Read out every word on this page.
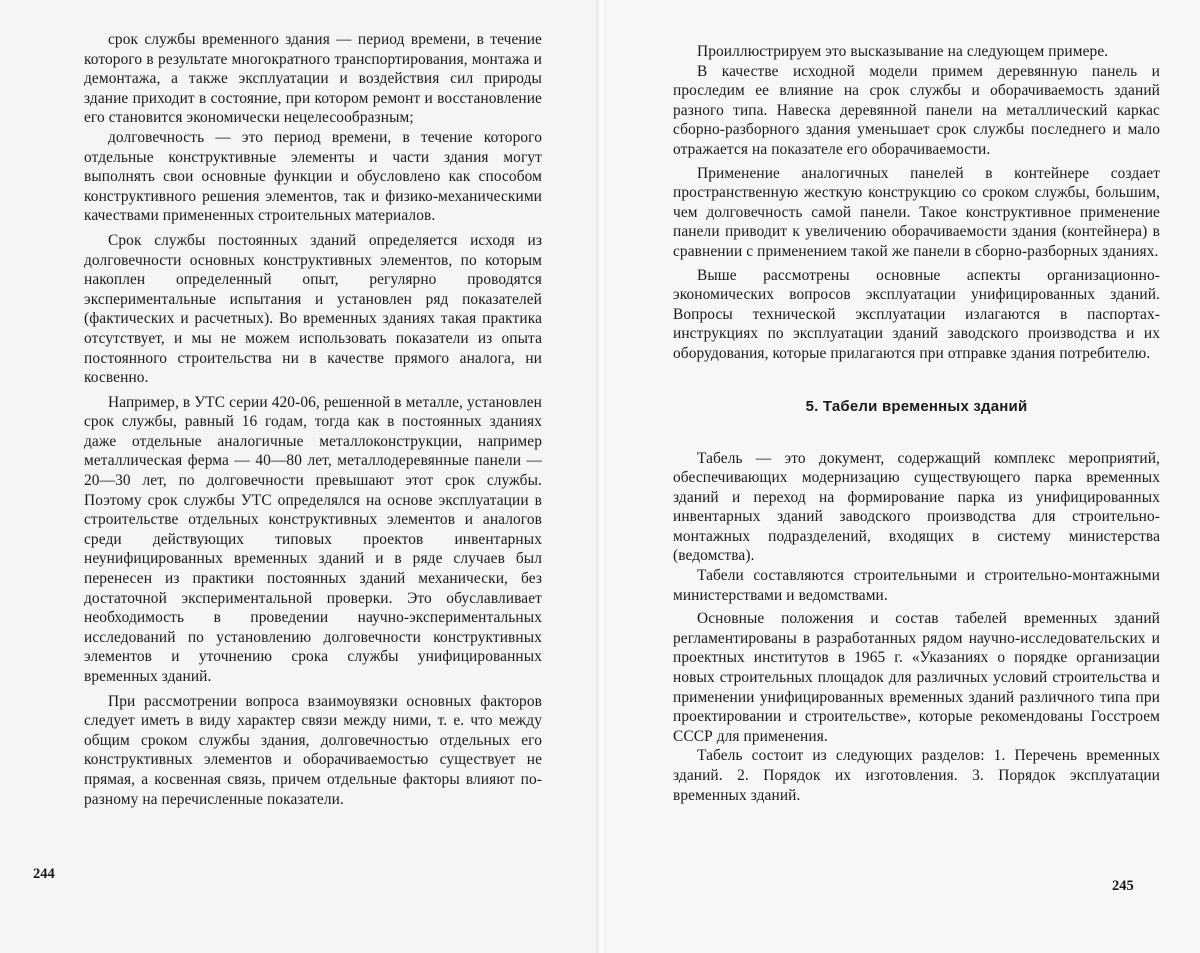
срок службы временного здания — период времени, в течение которого в результате многократного транспортирования, монтажа и демонтажа, а также эксплуатации и воздействия сил природы здание приходит в состояние, при котором ремонт и восстановление его становится экономически нецелесообразным;

долговечность — это период времени, в течение которого отдельные конструктивные элементы и части здания могут выполнять свои основные функции и обусловлено как способом конструктивного решения элементов, так и физико-механическими качествами примененных строительных материалов.

Срок службы постоянных зданий определяется исходя из долговечности основных конструктивных элементов, по которым накоплен определенный опыт, регулярно проводятся экспериментальные испытания и установлен ряд показателей (фактических и расчетных). Во временных зданиях такая практика отсутствует, и мы не можем использовать показатели из опыта постоянного строительства ни в качестве прямого аналога, ни косвенно.

Например, в УТС серии 420-06, решенной в металле, установлен срок службы, равный 16 годам, тогда как в постоянных зданиях даже отдельные аналогичные металлоконструкции, например металлическая ферма — 40—80 лет, металлодеревянные панели — 20—30 лет, по долговечности превышают этот срок службы. Поэтому срок службы УТС определялся на основе эксплуатации в строительстве отдельных конструктивных элементов и аналогов среди действующих типовых проектов инвентарных неунифицированных временных зданий и в ряде случаев был перенесен из практики постоянных зданий механически, без достаточной экспериментальной проверки. Это обуславливает необходимость в проведении научно-экспериментальных исследований по установлению долговечности конструктивных элементов и уточнению срока службы унифицированных временных зданий.

При рассмотрении вопроса взаимоувязки основных факторов следует иметь в виду характер связи между ними, т. е. что между общим сроком службы здания, долговечностью отдельных его конструктивных элементов и оборачиваемостью существует не прямая, а косвенная связь, причем отдельные факторы влияют по-разному на перечисленные показатели.

Проиллюстрируем это высказывание на следующем примере.

В качестве исходной модели примем деревянную панель и проследим ее влияние на срок службы и оборачиваемость зданий разного типа. Навеска деревянной панели на металлический каркас сборно-разборного здания уменьшает срок службы последнего и мало отражается на показателе его оборачиваемости.

Применение аналогичных панелей в контейнере создает пространственную жесткую конструкцию со сроком службы, большим, чем долговечность самой панели. Такое конструктивное применение панели приводит к увеличению оборачиваемости здания (контейнера) в сравнении с применением такой же панели в сборно-разборных зданиях.

Выше рассмотрены основные аспекты организационно-экономических вопросов эксплуатации унифицированных зданий. Вопросы технической эксплуатации излагаются в паспортах-инструкциях по эксплуатации зданий заводского производства и их оборудования, которые прилагаются при отправке здания потребителю.

5. Табели временных зданий

Табель — это документ, содержащий комплекс мероприятий, обеспечивающих модернизацию существующего парка временных зданий и переход на формирование парка из унифицированных инвентарных зданий заводского производства для строительно-монтажных подразделений, входящих в систему министерства (ведомства).

Табели составляются строительными и строительно-монтажными министерствами и ведомствами.

Основные положения и состав табелей временных зданий регламентированы в разработанных рядом научно-исследовательских и проектных институтов в 1965 г. «Указаниях о порядке организации новых строительных площадок для различных условий строительства и применении унифицированных временных зданий различного типа при проектировании и строительстве», которые рекомендованы Госстроем СССР для применения.

Табель состоит из следующих разделов: 1. Перечень временных зданий. 2. Порядок их изготовления. 3. Порядок эксплуатации временных зданий.

244
245
